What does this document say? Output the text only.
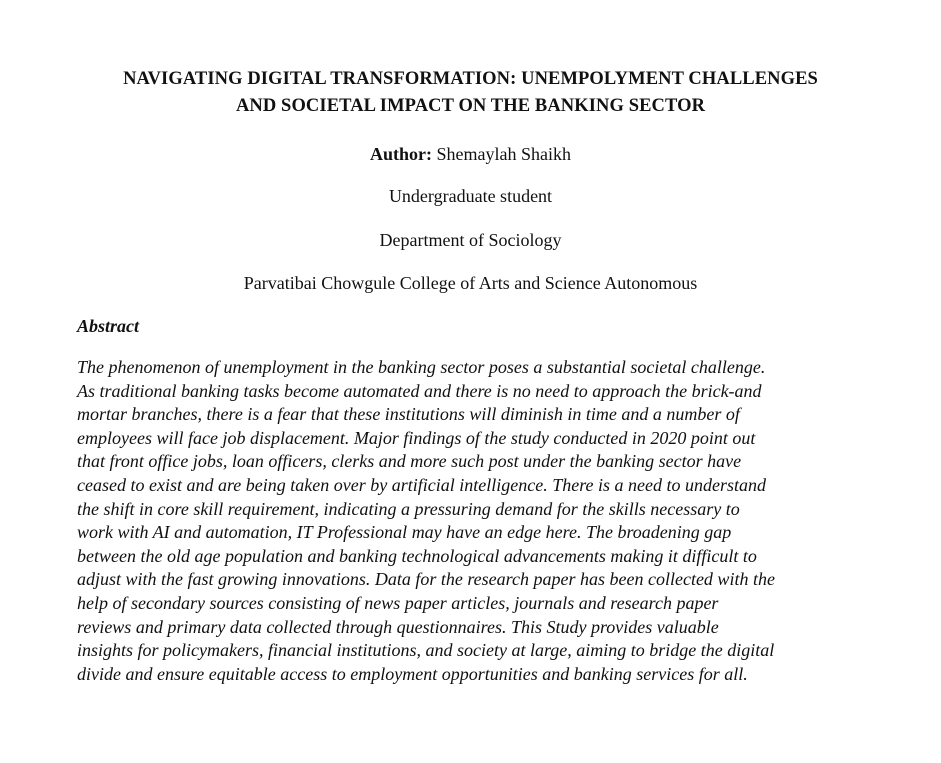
NAVIGATING DIGITAL TRANSFORMATION: UNEMPOLYMENT CHALLENGES
AND SOCIETAL IMPACT ON THE BANKING SECTOR
Author: Shemaylah Shaikh
Undergraduate student
Department of Sociology
Parvatibai Chowgule College of Arts and Science Autonomous
Abstract
The phenomenon of unemployment in the banking sector poses a substantial societal challenge.
As traditional banking tasks become automated and there is no need to approach the brick-and
mortar branches, there is a fear that these institutions will diminish in time and a number of
employees will face job displacement. Major findings of the study conducted in 2020 point out
that front office jobs, loan officers, clerks and more such post under the banking sector have
ceased to exist and are being taken over by artificial intelligence. There is a need to understand
the shift in core skill requirement, indicating a pressuring demand for the skills necessary to
work with AI and automation, IT Professional may have an edge here. The broadening gap
between the old age population and banking technological advancements making it difficult to
adjust with the fast growing innovations. Data for the research paper has been collected with the
help of secondary sources consisting of news paper articles, journals and research paper
reviews and primary data collected through questionnaires. This Study provides valuable
insights for policymakers, financial institutions, and society at large, aiming to bridge the digital
divide and ensure equitable access to employment opportunities and banking services for all.
